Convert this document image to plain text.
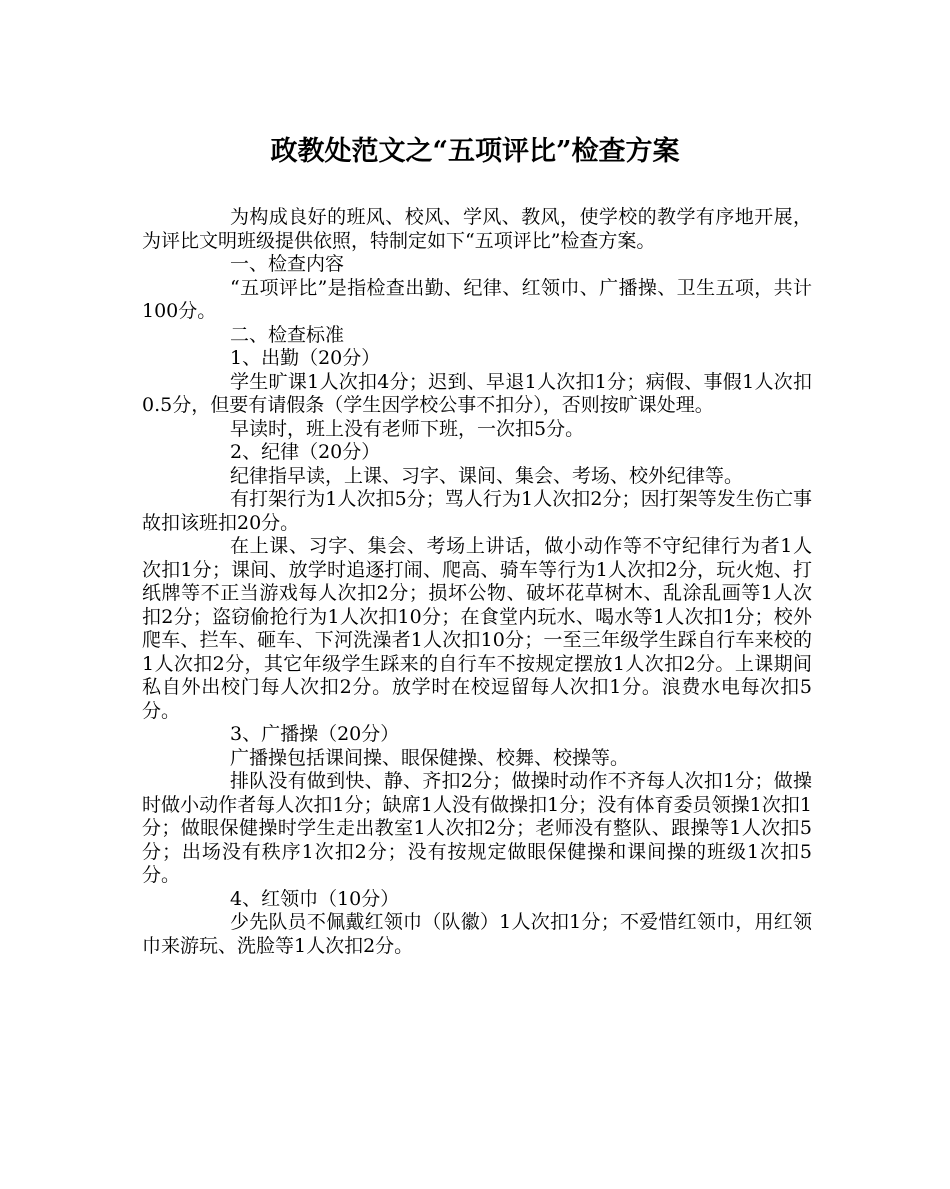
政教处范文之“五项评比”检查方案

为构成良好的班风、校风、学风、教风，使学校的教学有序地开展，为评比文明班级提供依照，特制定如下“五项评比”检查方案。

一、检查内容

“五项评比”是指检查出勤、纪律、红领巾、广播操、卫生五项，共计100分。

二、检查标准

1、出勤（20分）

学生旷课1人次扣4分；迟到、早退1人次扣1分；病假、事假1人次扣0.5分，但要有请假条（学生因学校公事不扣分），否则按旷课处理。

早读时，班上没有老师下班，一次扣5分。

2、纪律（20分）

纪律指早读，上课、习字、课间、集会、考场、校外纪律等。

有打架行为1人次扣5分；骂人行为1人次扣2分；因打架等发生伤亡事故扣该班扣20分。

在上课、习字、集会、考场上讲话，做小动作等不守纪律行为者1人次扣1分；课间、放学时追逐打闹、爬高、骑车等行为1人次扣2分，玩火炮、打纸牌等不正当游戏每人次扣2分；损坏公物、破坏花草树木、乱涂乱画等1人次扣2分；盗窃偷抢行为1人次扣10分；在食堂内玩水、喝水等1人次扣1分；校外爬车、拦车、砸车、下河洗澡者1人次扣10分；一至三年级学生踩自行车来校的1人次扣2分，其它年级学生踩来的自行车不按规定摆放1人次扣2分。上课期间私自外出校门每人次扣2分。放学时在校逗留每人次扣1分。浪费水电每次扣5分。

3、广播操（20分）

广播操包括课间操、眼保健操、校舞、校操等。

排队没有做到快、静、齐扣2分；做操时动作不齐每人次扣1分；做操时做小动作者每人次扣1分；缺席1人没有做操扣1分；没有体育委员领操1次扣1分；做眼保健操时学生走出教室1人次扣2分；老师没有整队、跟操等1人次扣5分；出场没有秩序1次扣2分；没有按规定做眼保健操和课间操的班级1次扣5分。

4、红领巾（10分）

少先队员不佩戴红领巾（队徽）1人次扣1分；不爱惜红领巾，用红领巾来游玩、洗脸等1人次扣2分。
